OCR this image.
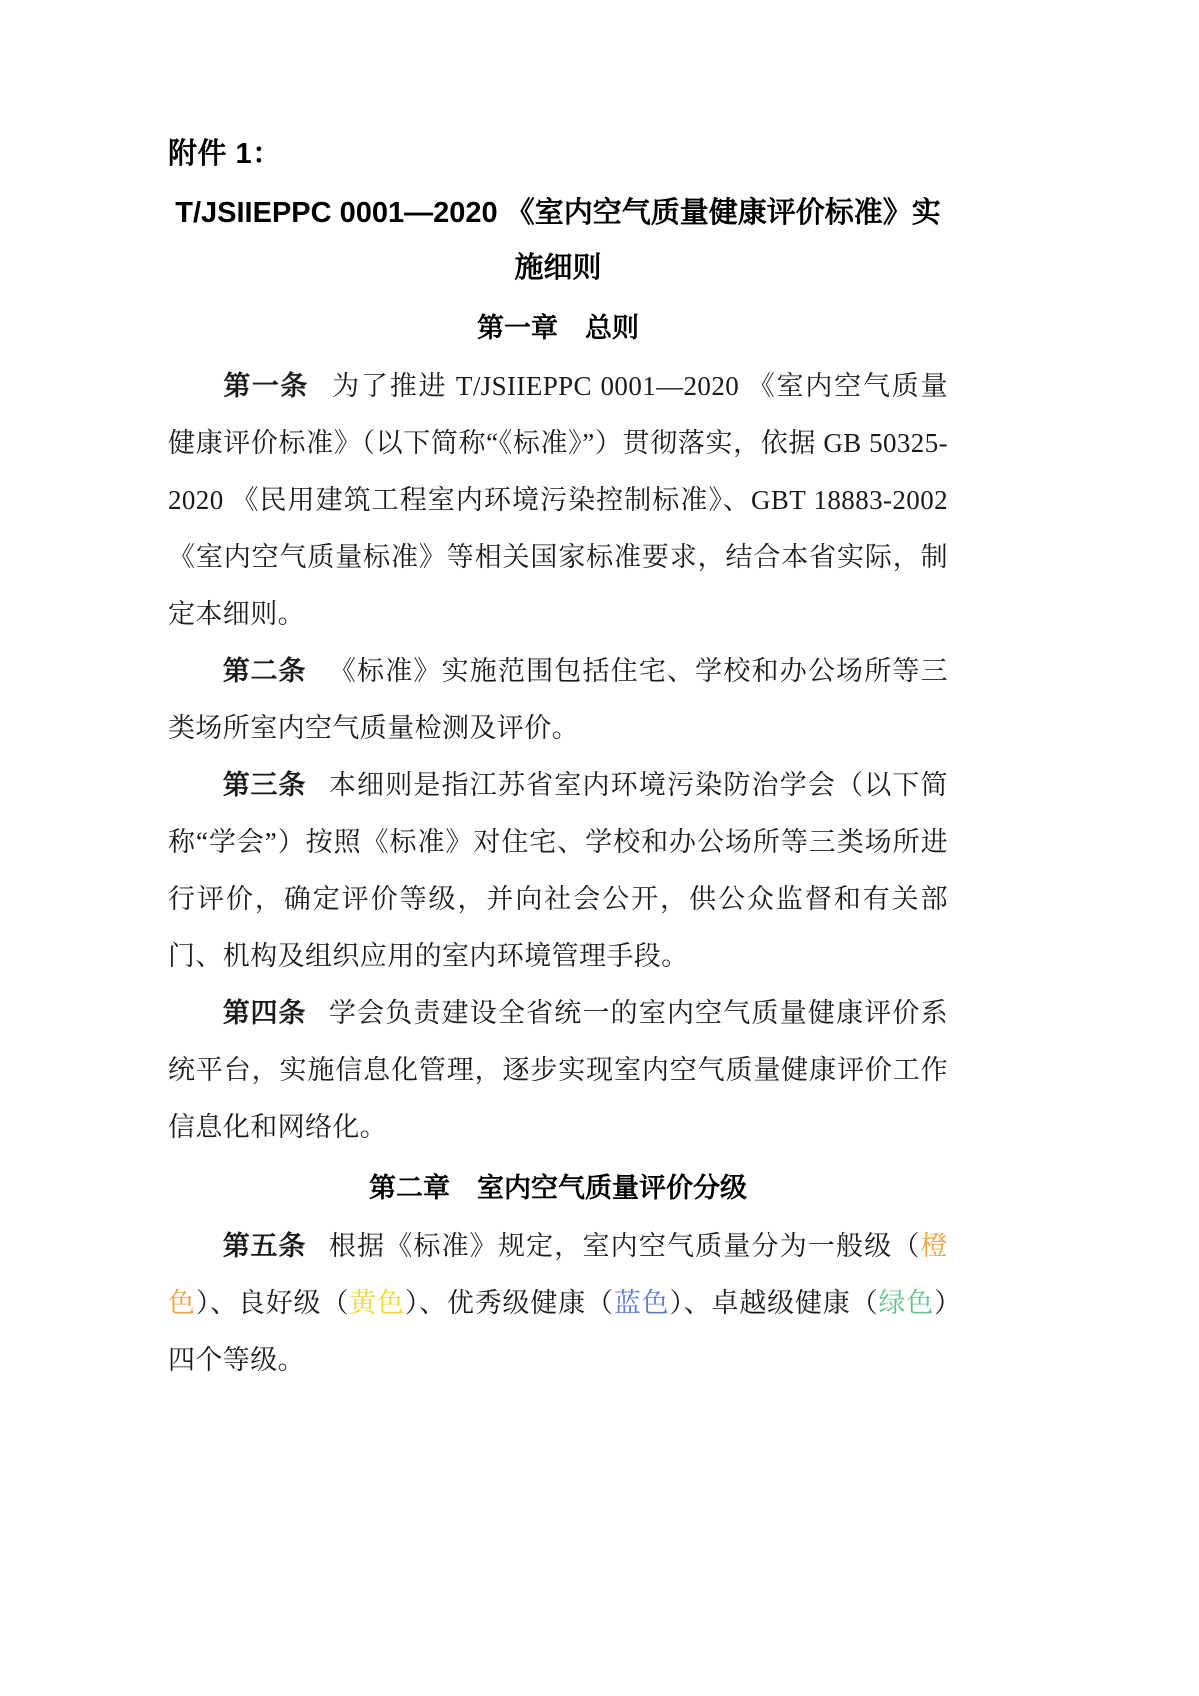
附件 1：
T/JSIIEPPC 0001—2020 《室内空气质量健康评价标准》实
施细则
第一章　总则

第一条 为了推进 T/JSIIEPPC 0001—2020 《室内空气质量健康评价标准》（以下简称“《标准》”）贯彻落实，依据 GB 50325-2020 《民用建筑工程室内环境污染控制标准》、GBT 18883-2002 《室内空气质量标准》等相关国家标准要求，结合本省实际，制定本细则。

第二条 《标准》实施范围包括住宅、学校和办公场所等三类场所室内空气质量检测及评价。

第三条 本细则是指江苏省室内环境污染防治学会（以下简称“学会”）按照《标准》对住宅、学校和办公场所等三类场所进行评价，确定评价等级，并向社会公开，供公众监督和有关部门、机构及组织应用的室内环境管理手段。

第四条 学会负责建设全省统一的室内空气质量健康评价系统平台，实施信息化管理，逐步实现室内空气质量健康评价工作信息化和网络化。

第二章　室内空气质量评价分级

第五条 根据《标准》规定，室内空气质量分为一般级（橙色）、良好级（黄色）、优秀级健康（蓝色）、卓越级健康（绿色）四个等级。
